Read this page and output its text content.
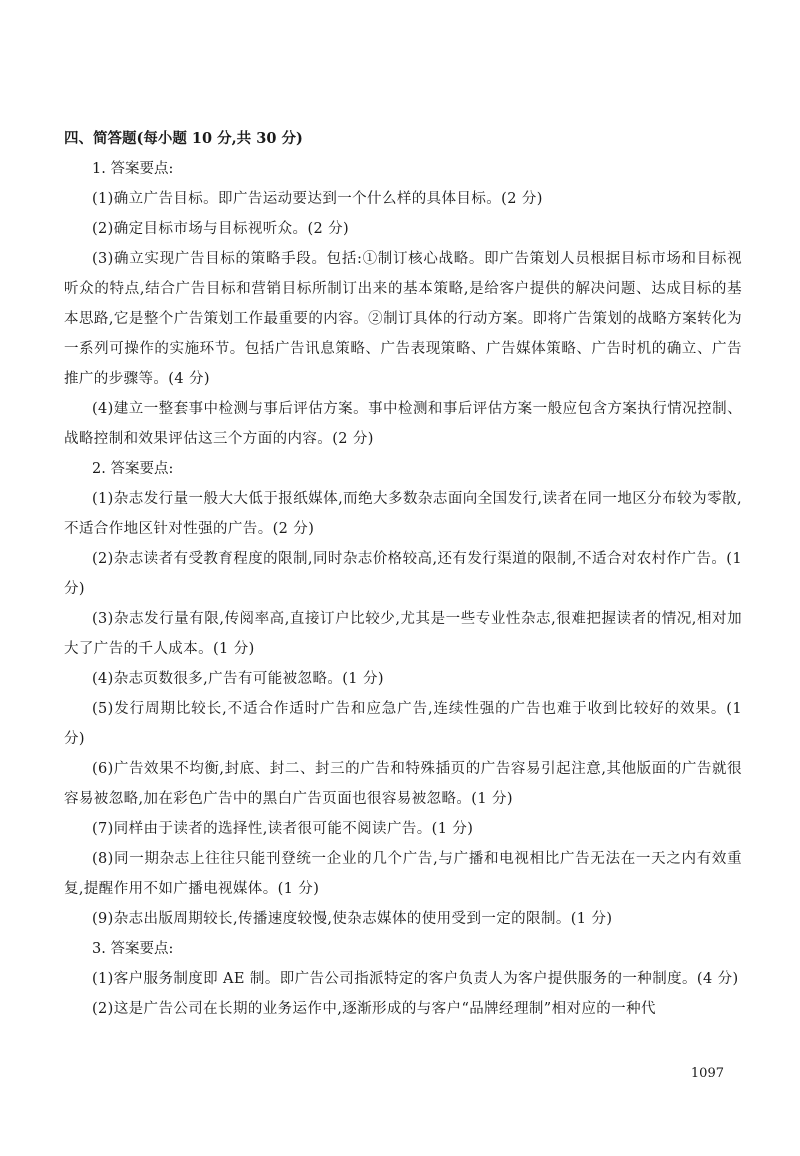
四、简答题(每小题 10 分,共 30 分)

1. 答案要点:

(1)确立广告目标。即广告运动要达到一个什么样的具体目标。(2 分)

(2)确定目标市场与目标视听众。(2 分)

(3)确立实现广告目标的策略手段。包括:①制订核心战略。即广告策划人员根据目标市场和目标视听众的特点,结合广告目标和营销目标所制订出来的基本策略,是给客户提供的解决问题、达成目标的基本思路,它是整个广告策划工作最重要的内容。②制订具体的行动方案。即将广告策划的战略方案转化为一系列可操作的实施环节。包括广告讯息策略、广告表现策略、广告媒体策略、广告时机的确立、广告推广的步骤等。(4 分)

(4)建立一整套事中检测与事后评估方案。事中检测和事后评估方案一般应包含方案执行情况控制、战略控制和效果评估这三个方面的内容。(2 分)

2. 答案要点:

(1)杂志发行量一般大大低于报纸媒体,而绝大多数杂志面向全国发行,读者在同一地区分布较为零散,不适合作地区针对性强的广告。(2 分)

(2)杂志读者有受教育程度的限制,同时杂志价格较高,还有发行渠道的限制,不适合对农村作广告。(1 分)

(3)杂志发行量有限,传阅率高,直接订户比较少,尤其是一些专业性杂志,很难把握读者的情况,相对加大了广告的千人成本。(1 分)

(4)杂志页数很多,广告有可能被忽略。(1 分)

(5)发行周期比较长,不适合作适时广告和应急广告,连续性强的广告也难于收到比较好的效果。(1 分)

(6)广告效果不均衡,封底、封二、封三的广告和特殊插页的广告容易引起注意,其他版面的广告就很容易被忽略,加在彩色广告中的黑白广告页面也很容易被忽略。(1 分)

(7)同样由于读者的选择性,读者很可能不阅读广告。(1 分)

(8)同一期杂志上往往只能刊登统一企业的几个广告,与广播和电视相比广告无法在一天之内有效重复,提醒作用不如广播电视媒体。(1 分)

(9)杂志出版周期较长,传播速度较慢,使杂志媒体的使用受到一定的限制。(1 分)

3. 答案要点:

(1)客户服务制度即 AE 制。即广告公司指派特定的客户负责人为客户提供服务的一种制度。(4 分)

(2)这是广告公司在长期的业务运作中,逐渐形成的与客户“品牌经理制”相对应的一种代

1097
